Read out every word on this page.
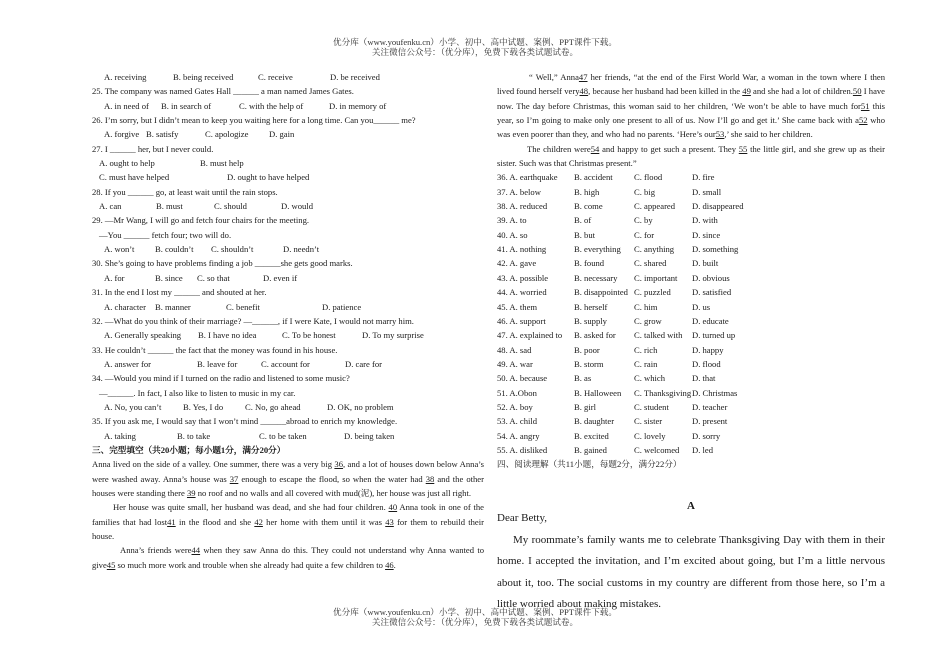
优分库（www.youfenku.cn）小学、初中、高中试题、案例、PPT课件下载。
关注微信公众号：（优分库），免费下载各类试题试卷。
A. receiving	B. being received	C. receive	D. be received
25. The company was named Gates Hall ______ a man named James Gates.
A. in need of B. in search of	C. with the help of	D. in memory of
26. I’m sorry, but I didn’t mean to keep you waiting here for a long time. Can you______ me?
A. forgive B. satisfy	C. apologize D. gain
27. I ______ her, but I never could.
A. ought to help	B. must help
C. must have helped	D. ought to have helped
28. If you ______ go, at least wait until the rain stops.
A. can	B. must	C. should	D. would
29. —Mr Wang, I will go and fetch four chairs for the meeting.
—You ______ fetch four; two will do.
A. won’t B. couldn’t C. shouldn’t	D. needn’t
30. She’s going to have problems finding a job ______she gets good marks.
A. for	B. since C. so that	D. even if
31. In the end I lost my ______ and shouted at her.
A. character B. manner	C. benefit	D. patience
32. —What do you think of their marriage? —______, if I were Kate, I would not marry him.
A. Generally speaking B. I have no idea	C. To be honest	D. To my surprise
33. He couldn’t ______ the fact that the money was found in his house.
A. answer for	B. leave for	C. account for	D. care for
34. —Would you mind if I turned on the radio and listened to some music?
—______. In fact, I also like to listen to music in my car.
A. No, you can’t	B. Yes, I do	C. No, go ahead	D. OK, no problem
35. If you ask me, I would say that I won’t mind ______abroad to enrich my knowledge.
A. taking	B. to take	C. to be taken	D. being taken
三、完型填空（共20小题；每小题1分，满分20分）
Anna lived on the side of a valley. One summer, there was a very big 36, and a lot of houses down below Anna’s were washed away. Anna’s house was 37 enough to escape the flood, so when the water had 38 and the other houses were standing there 39 no roof and no walls and all covered with mud(泥), her house was just all right.
Her house was quite small, her husband was dead, and she had four children. 40 Anna took in one of the families that had lost41 in the flood and she 42 her home with them until it was 43 for them to rebuild their house.
Anna’s friends were44 when they saw Anna do this. They could not understand why Anna wanted to give45 so much more work and trouble when she already had quite a few children to 46.
“ Well,” Anna47 her friends, “at the end of the First World War, a woman in the town where I then lived found herself very48, because her husband had been killed in the 49 and she had a lot of children.50 I have now. The day before Christmas, this woman said to her children, ‘We won’t be able to have much for51 this year, so I’m going to make only one present to all of us. Now I’ll go and get it.’ She came back with a52 who was even poorer than they, and who had no parents. ‘Here’s our53,’ she said to her children.
The children were54 and happy to get such a present. They 55 the little girl, and she grew up as their sister. Such was that Christmas present.”
36. A. earthquake B. accident C. flood	D. fire
37. A. below	B. high	C. big	D. small
38. A. reduced	B. come	C. appeared D. disappeared
39. A. to	B. of	C. by	D. with
40. A. so	B. but	C. for	D. since
41. A. nothing	B. everything C. anything D. something
42. A. gave	B. found	C. shared	D. built
43. A. possible	B. necessary C. important D. obvious
44. A. worried	B. disappointed C. puzzled D. satisfied
45. A. them	B. herself	C. him	D. us
46. A. support	B. supply	C. grow	D. educate
47. A. explained to B. asked for C. talked with D. turned up
48. A. sad	B. poor	C. rich	D. happy
49. A. war	B. storm	C. rain	D. flood
50. A. because	B. as	C. which	D. that
51. A.Obon	B. Halloween C. ThanksgivingD. Christmas
52. A. boy	B. girl	C. student	D. teacher
53. A. child	B. daughter C. sister	D. present
54. A. angry	B. excited	C. lovely	D. sorry
55. A. disliked	B. gained	C. welcomed D. led
四、阅读理解（共11小题，每题2分，满分22分）
A

Dear Betty,

My roommate’s family wants me to celebrate Thanksgiving Day with them in their home. I accepted the invitation, and I’m excited about going, but I’m a little nervous about it, too. The social customs in my country are different from those here, so I’m a little worried about making mistakes.

优分库（www.youfenku.cn）小学、初中、高中试题、案例、PPT课件下载。
关注微信公众号：（优分库），免费下载各类试题试卷。
